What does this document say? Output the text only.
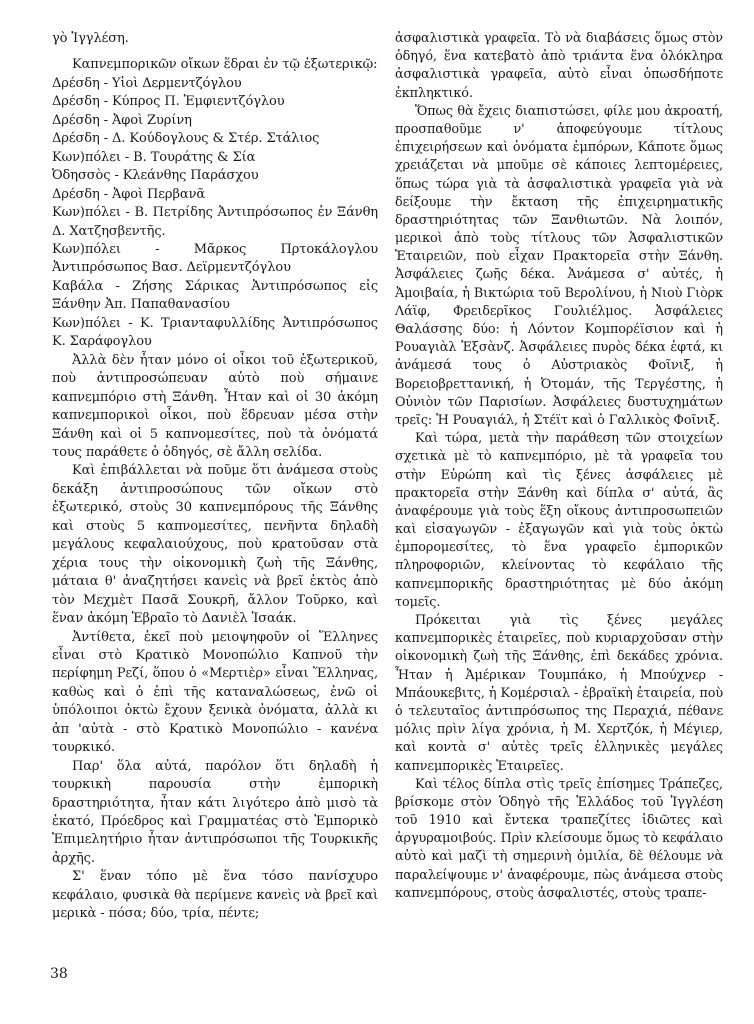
γὸ Ἰγγλέση.

Καπνεμπορικῶν οἴκων ἕδραι ἐν τῷ ἐξωτερικῷ:

Δρέσδη - Υἱοὶ Δερμεντζόγλου
Δρέσδη - Κύπρος Π. Ἐμφιεντζόγλου
Δρέσδη - Ἀφοὶ Ζυρίνη
Δρέσδη - Δ. Κούδογλους & Στέρ. Στάλιος
Κων)πόλει - Β. Τουράτης & Σία
Ὀδησσὸς - Κλεάνθης Παράσχου
Δρέσδη - Ἀφοὶ Περβανᾶ
Κων)πόλει - Β. Πετρίδης Ἀντιπρόσωπος ἐν Ξάνθη Δ. Χατζησβεντῆς.
Κων)πόλει - Μᾶρκος Πρτοκάλογλου Ἀντιπρόσωπος Βασ. Δεϊρμεντζόγλου
Καβάλα - Ζήσης Σάρικας Ἀντιπρόσωπος εἰς Ξάνθην Ἀπ. Παπαθανασίου
Κων)πόλει - Κ. Τριανταφυλλίδης Ἀντιπρόσωπος Κ. Σαράφογλου

Ἀλλὰ δὲν ἦταν μόνο οἱ οἶκοι τοῦ ἐξωτερικοῦ, ποὺ ἀντιπροσώπευαν αὐτὸ ποὺ σήμαινε καπνεμπόριο στὴ Ξάνθη. Ἦταν καὶ οἱ 30 ἀκόμη καπνεμπορικοὶ οἶκοι, ποὺ ἕδρευαν μέσα στὴν Ξάνθη καὶ οἱ 5 καπνομεσίτες, ποὺ τὰ ὀνόματά τους παράθετε ὁ ὁδηγός, σὲ ἄλλη σελίδα.

Καὶ ἐπιβάλλεται νὰ ποῦμε ὅτι ἀνάμεσα στοὺς δεκάξη ἀντιπροσώπους τῶν οἴκων στὸ ἐξωτερικό, στοὺς 30 καπνεμπόρους τῆς Ξάνθης καὶ στοὺς 5 καπνομεσίτες, πενῆντα δηλαδὴ μεγάλους κεφαλαιούχους, ποὺ κρατοῦσαν στὰ χέρια τους τὴν οἰκονομικὴ ζωὴ τῆς Ξάνθης, μάταια θ' ἀναζητήσει κανεὶς νὰ βρεῖ ἐκτὸς ἀπὸ τὸν Μεχμὲτ Πασᾶ Σουκρῆ, ἄλλον Τοῦρκο, καὶ ἕναν ἀκόμη Ἑβραῖο τὸ Δανιὲλ Ἰσαάκ.

Ἀντίθετα, ἐκεῖ ποὺ μειοψηφοῦν οἱ Ἕλληνες εἶναι στὸ Κρατικὸ Μονοπώλιο Καπνοῦ τὴν περίφημη Ρεζί, ὅπου ὁ «Μερτιὲρ» εἶναι Ἕλληνας, καθὼς καὶ ὁ ἐπὶ τῆς καταναλώσεως, ἐνῶ οἱ ὑπόλοιποι ὀκτὼ ἔχουν ξενικὰ ὀνόματα, ἀλλὰ κι ἀπ 'αὐτὰ - στὸ Κρατικὸ Μονοπώλιο - κανένα τουρκικό.

Παρ' ὅλα αὐτά, παρόλον ὅτι δηλαδὴ ἡ τουρκικὴ παρουσία στὴν ἐμπορικὴ δραστηριότητα, ἦταν κάτι λιγότερο ἀπὸ μισὸ τὰ ἑκατό, Πρόεδρος καὶ Γραμματέας στὸ Ἐμπορικὸ Ἐπιμελητήριο ἦταν ἀντιπρόσωποι τῆς Τουρκικῆς ἀρχῆς.

Σ' ἕναν τόπο μὲ ἕνα τόσο πανίσχυρο κεφάλαιο, φυσικὰ θὰ περίμενε κανεὶς νὰ βρεῖ καὶ μερικὰ - πόσα; δύο, τρία, πέντε;

ἀσφαλιστικὰ γραφεῖα. Τὸ νὰ διαβάσεις ὅμως στὸν ὁδηγό, ἕνα κατεβατὸ ἀπὸ τριάντα ἕνα ὁλόκληρα ἀσφαλιστικὰ γραφεῖα, αὐτὸ εἶναι ὁπωσδήποτε ἐκπληκτικό.

Ὅπως θὰ ἔχεις διαπιστώσει, φίλε μου ἀκροατή, προσπαθοῦμε ν' ἀποφεύγουμε τίτλους ἐπιχειρήσεων καὶ ὀνόματα ἐμπόρων, Κάποτε ὅμως χρειάζεται νὰ μποῦμε σὲ κάποιες λεπτομέρειες, ὅπως τώρα γιὰ τὰ ἀσφαλιστικὰ γραφεῖα γιὰ νὰ δείξουμε τὴν ἔκταση τῆς ἐπιχειρηματικῆς δραστηριότητας τῶν Ξανθιωτῶν. Νὰ λοιπόν, μερικοὶ ἀπὸ τοὺς τίτλους τῶν Ἀσφαλιστικῶν Ἑταιρειῶν, ποὺ εἶχαν Πρακτορεῖα στὴν Ξάνθη. Ἀσφάλειες ζωῆς δέκα. Ἀνάμεσα σ' αὐτές, ἡ Ἀμοιβαία, ἡ Βικτώρια τοῦ Βερολίνου, ἡ Νιοὺ Γιὸρκ Λάϊφ, Φρειδερῖκος Γουλιέλμος. Ἀσφάλειες Θαλάσσης δύο: ἡ Λόντον Κομπορέϊσιον καὶ ἡ Ρουαγιὰλ Ἐξσὰνζ. Ἀσφάλειες πυρὸς δέκα ἑφτά, κι ἀνάμεσά τους ὁ Αὐστριακὸς Φοῖνιξ, ἡ Βορειοβρεττανική, ἡ Ὀτομάν, τῆς Τεργέστης, ἡ Οὐνιὸν τῶν Παρισίων. Ἀσφάλειες δυστυχημάτων τρεῖς: Ἡ Ρουαγιάλ, ἡ Στέϊτ καὶ ὁ Γαλλικὸς Φοῖνιξ.

Καὶ τώρα, μετὰ τὴν παράθεση τῶν στοιχείων σχετικὰ μὲ τὸ καπνεμπόριο, μὲ τὰ γραφεῖα του στὴν Εὐρώπη καὶ τὶς ξένες ἀσφάλειες μὲ πρακτορεῖα στὴν Ξάνθη καὶ δίπλα σ' αὐτά, ἂς ἀναφέρουμε γιὰ τοὺς ἕξη οἴκους ἀντιπροσωπειῶν καὶ εἰσαγωγῶν - ἐξαγωγῶν καὶ γιὰ τοὺς ὀκτὼ ἐμπορομεσίτες, τὸ ἕνα γραφεῖο ἐμπορικῶν πληροφοριῶν, κλείνοντας τὸ κεφάλαιο τῆς καπνεμπορικῆς δραστηριότητας μὲ δύο ἀκόμη τομεῖς.

Πρόκειται γιὰ τὶς ξένες μεγάλες καπνεμπορικὲς ἑταιρεῖες, ποὺ κυριαρχοῦσαν στὴν οἰκονομικὴ ζωὴ τῆς Ξάνθης, ἐπὶ δεκάδες χρόνια. Ἦταν ἡ Ἀμέρικαν Τουμπάκο, ἡ Μπούχνερ - Μπάουκεβιτς, ἡ Κομέρσιαλ - ἑβραϊκὴ ἑταιρεία, ποὺ ὁ τελευταῖος ἀντιπρόσωπος της Περαχιά, πέθανε μόλις πρὶν λίγα χρόνια, ἡ Μ. Χερτζόκ, ἡ Μέγιερ, καὶ κοντὰ σ' αὐτὲς τρεῖς ἑλληνικὲς μεγάλες καπνεμπορικὲς Ἑταιρεῖες.

Καὶ τέλος δίπλα στὶς τρεῖς ἐπίσημες Τράπεζες, βρίσκομε στὸν Ὁδηγὸ τῆς Ἑλλάδος τοῦ Ἰγγλέση τοῦ 1910 καὶ ἔντεκα τραπεζίτες ἰδιῶτες καὶ ἀργυραμοιβούς. Πρὶν κλείσουμε ὅμως τὸ κεφάλαιο αὐτὸ καὶ μαζὶ τὴ σημερινὴ ὁμιλία, δὲ θέλουμε νὰ παραλείψουμε ν' ἀναφέρουμε, πὼς ἀνάμεσα στοὺς καπνεμπόρους, στοὺς ἀσφαλιστές, στοὺς τραπε-

38
